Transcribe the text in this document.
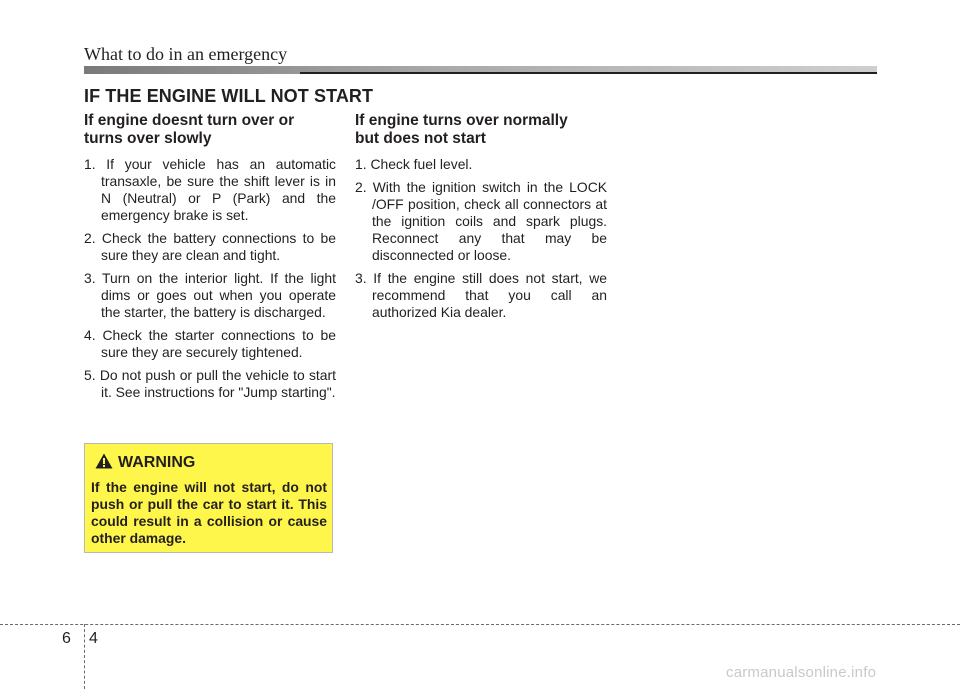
What to do in an emergency
IF THE ENGINE WILL NOT START
If engine doesnt turn over or
turns over slowly
1. If your vehicle has an automatic transaxle, be sure the shift lever is in N (Neutral) or P (Park) and the emergency brake is set.
2. Check the battery connections to be sure they are clean and tight.
3. Turn on the interior light. If the light dims or goes out when you operate the starter, the battery is discharged.
4. Check the starter connections to be sure they are securely tightened.
5. Do not push or pull the vehicle to start it. See instructions for "Jump starting".
If engine turns over normally
but does not start
1. Check fuel level.
2. With the ignition switch in the LOCK /OFF position, check all connectors at the ignition coils and spark plugs. Reconnect any that may be disconnected or loose.
3. If the engine still does not start, we recommend that you call an authorized Kia dealer.
WARNING
If the engine will not start, do not push or pull the car to start it. This could result in a collision or cause other damage.
6 4
carmanualsonline.info
